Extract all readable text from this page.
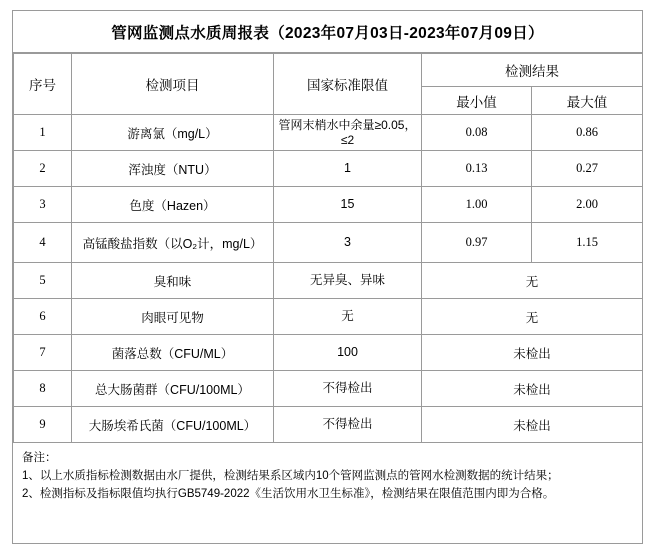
管网监测点水质周报表（2023年07月03日-2023年07月09日）
序号	检测项目	国家标准限值	检测结果	
			最小值	最大值
1	游离氯（mg/L）	管网末梢水中余量≥0.05，≤2	0.08	0.86
2	浑浊度（NTU）	1	0.13	0.27
3	色度（Hazen）	15	1.00	2.00
4	高锰酸盐指数（以O₂计，mg/L）	3	0.97	1.15
5	臭和味	无异臭、异味	无	
6	肉眼可见物	无	无	
7	菌落总数（CFU/ML）	100	未检出	
8	总大肠菌群（CFU/100ML）	不得检出	未检出	
9	大肠埃希氏菌（CFU/100ML）	不得检出	未检出	
备注：
1、以上水质指标检测数据由水厂提供，检测结果系区域内10个管网监测点的管网水检测数据的统计结果；
2、检测指标及指标限值均执行GB5749-2022《生活饮用水卫生标准》，检测结果在限值范围内即为合格。
